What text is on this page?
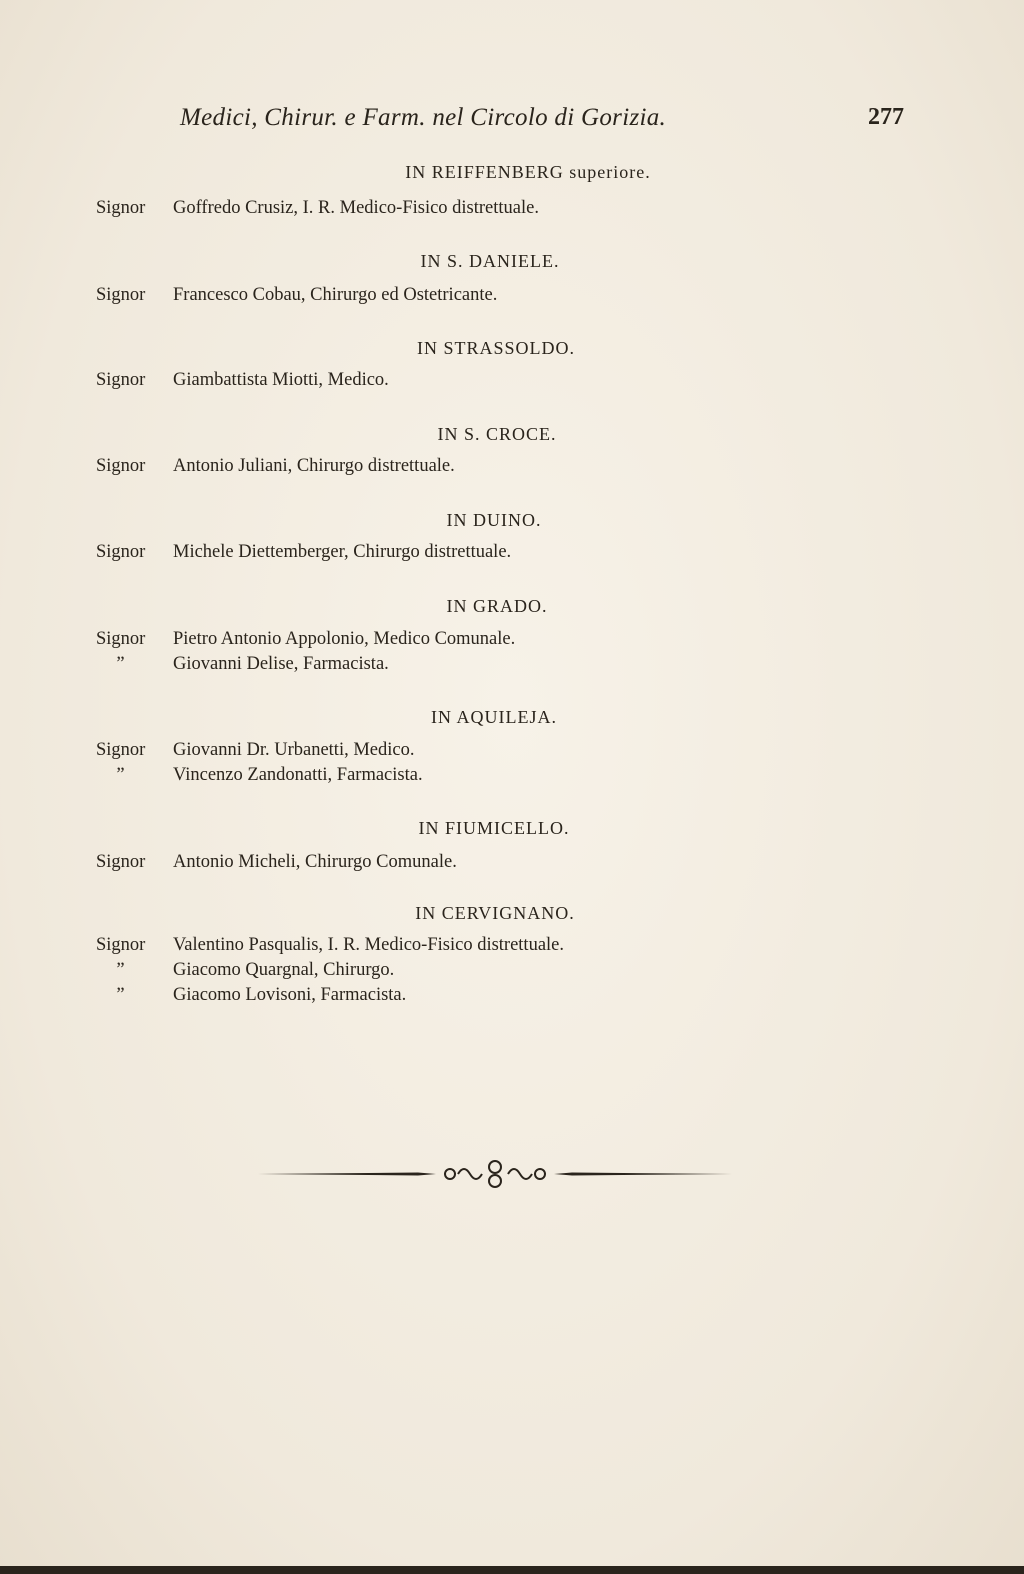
Medici, Chirur. e Farm. nel Circolo di Gorizia.	277
IN REIFFENBERG superiore.
Signor Goffredo Crusiz, I. R. Medico-Fisico distrettuale.
IN S. DANIELE.
Signor Francesco Cobau, Chirurgo ed Ostetricante.
IN STRASSOLDO.
Signor Giambattista Miotti, Medico.
IN S. CROCE.
Signor Antonio Juliani, Chirurgo distrettuale.
IN DUINO.
Signor Michele Diettemberger, Chirurgo distrettuale.
IN GRADO.
Signor Pietro Antonio Appolonio, Medico Comunale.
”	Giovanni Delise, Farmacista.
IN AQUILEJA.
Signor Giovanni Dr. Urbanetti, Medico.
”	Vincenzo Zandonatti, Farmacista.
IN FIUMICELLO.
Signor Antonio Micheli, Chirurgo Comunale.
IN CERVIGNANO.
Signor Valentino Pasqualis, I. R. Medico-Fisico distrettuale.
”	Giacomo Quargnal, Chirurgo.
”	Giacomo Lovisoni, Farmacista.
